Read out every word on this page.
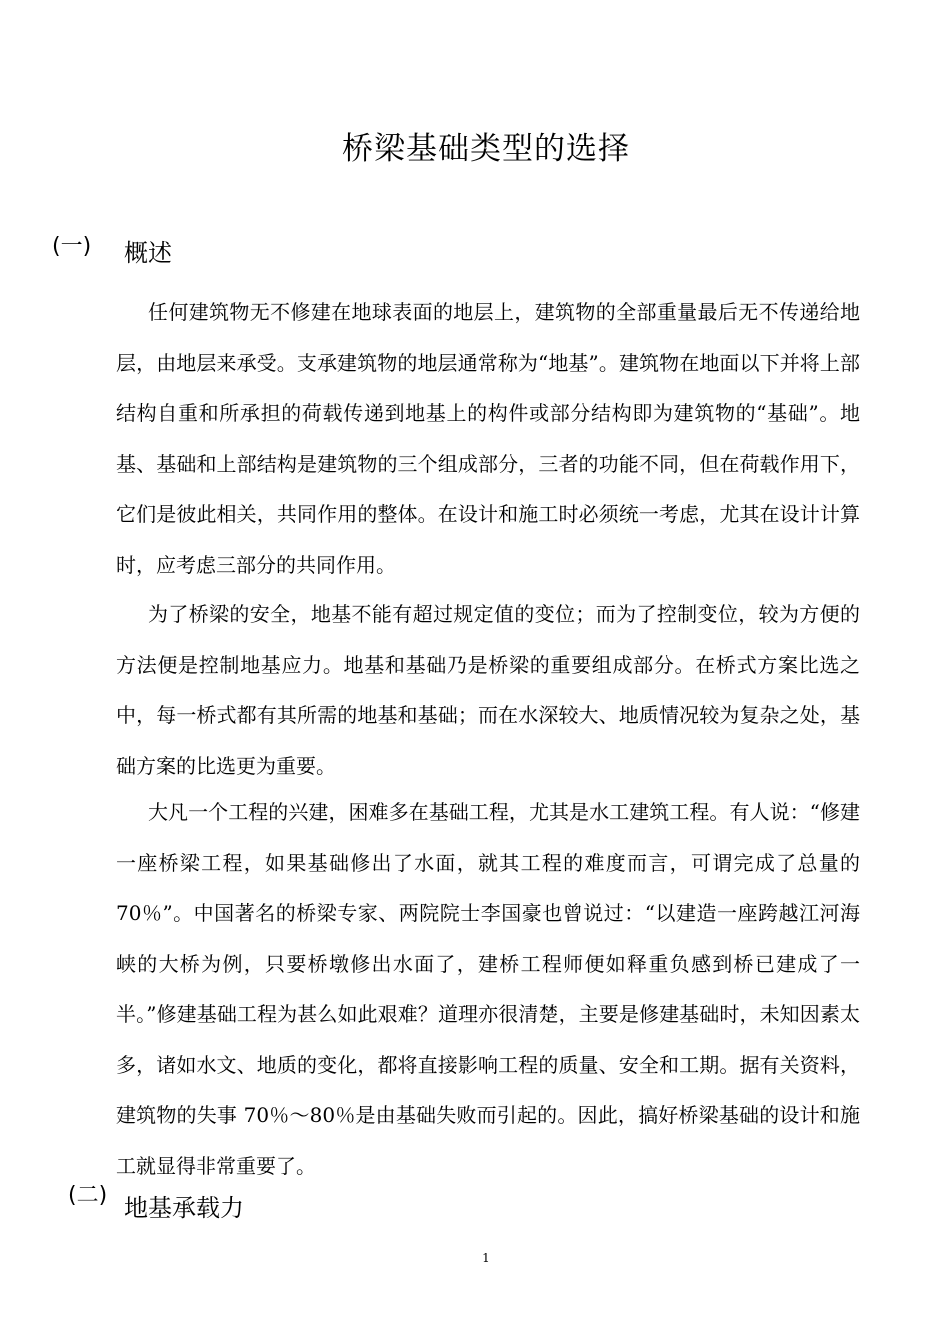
桥梁基础类型的选择
(一) 概述

任何建筑物无不修建在地球表面的地层上，建筑物的全部重量最后无不传递给地层，由地层来承受。支承建筑物的地层通常称为“地基”。建筑物在地面以下并将上部结构自重和所承担的荷载传递到地基上的构件或部分结构即为建筑物的“基础”。地基、基础和上部结构是建筑物的三个组成部分，三者的功能不同，但在荷载作用下，它们是彼此相关，共同作用的整体。在设计和施工时必须统一考虑，尤其在设计计算时，应考虑三部分的共同作用。

为了桥梁的安全，地基不能有超过规定值的变位；而为了控制变位，较为方便的方法便是控制地基应力。地基和基础乃是桥梁的重要组成部分。在桥式方案比选之中，每一桥式都有其所需的地基和基础；而在水深较大、地质情况较为复杂之处，基础方案的比选更为重要。

大凡一个工程的兴建，困难多在基础工程，尤其是水工建筑工程。有人说：“修建一座桥梁工程，如果基础修出了水面，就其工程的难度而言，可谓完成了总量的 70％”。中国著名的桥梁专家、两院院士李国豪也曾说过：“以建造一座跨越江河海峡的大桥为例，只要桥墩修出水面了，建桥工程师便如释重负感到桥已建成了一半。”修建基础工程为甚么如此艰难？道理亦很清楚，主要是修建基础时，未知因素太多，诸如水文、地质的变化，都将直接影响工程的质量、安全和工期。据有关资料，建筑物的失事 70％～80％是由基础失败而引起的。因此，搞好桥梁基础的设计和施工就显得非常重要了。

(二) 地基承载力
1
